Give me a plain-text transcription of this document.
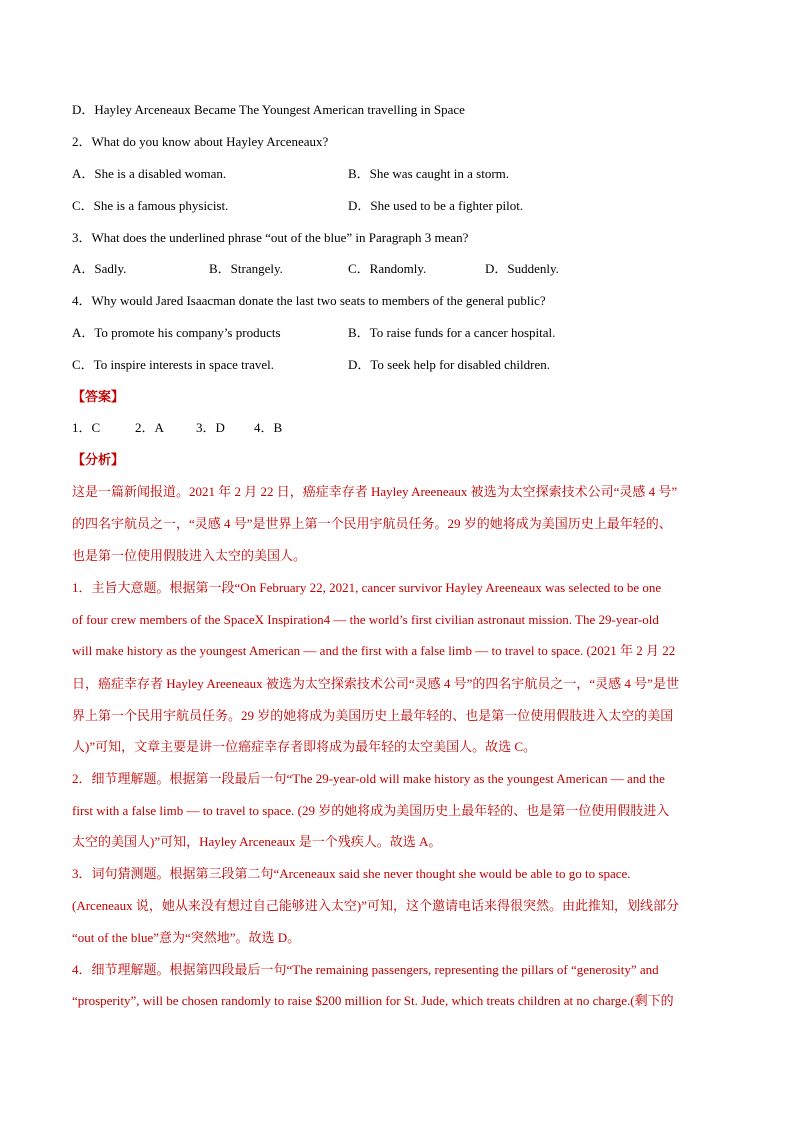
D．Hayley Arceneaux Became The Youngest American travelling in Space
2．What do you know about Hayley Arceneaux?
A．She is a disabled woman.	B．She was caught in a storm.
C．She is a famous physicist.	D．She used to be a fighter pilot.
3．What does the underlined phrase “out of the blue” in Paragraph 3 mean?
A．Sadly.	B．Strangely.	C．Randomly.	D．Suddenly.
4．Why would Jared Isaacman donate the last two seats to members of the general public?
A．To promote his company’s products	B．To raise funds for a cancer hospital.
C．To inspire interests in space travel.	D．To seek help for disabled children.
【答案】
1．C	2．A 3．D 4．B
【分析】
这是一篇新闻报道。2021 年 2 月 22 日，癌症幸存者 Hayley Areeneaux 被选为太空探索技术公司“灵感 4 号”
的四名宇航员之一，“灵感 4 号”是世界上第一个民用宇航员任务。29 岁的她将成为美国历史上最年轻的、
也是第一位使用假肢进入太空的美国人。
1．主旨大意题。根据第一段“On February 22, 2021, cancer survivor Hayley Areeneaux was selected to be one
of four crew members of the SpaceX Inspiration4 — the world’s first civilian astronaut mission. The 29-year-old
will make history as the youngest American — and the first with a false limb — to travel to space. (2021 年 2 月 22
日，癌症幸存者 Hayley Areeneaux 被选为太空探索技术公司“灵感 4 号”的四名宇航员之一，“灵感 4 号”是世
界上第一个民用宇航员任务。29 岁的她将成为美国历史上最年轻的、也是第一位使用假肢进入太空的美国
人)”可知，文章主要是讲一位癌症幸存者即将成为最年轻的太空美国人。故选 C。
2．细节理解题。根据第一段最后一句“The 29-year-old will make history as the youngest American — and the
first with a false limb — to travel to space. (29 岁的她将成为美国历史上最年轻的、也是第一位使用假肢进入
太空的美国人)”可知，Hayley Arceneaux 是一个残疾人。故选 A。
3．词句猜测题。根据第三段第二句“Arceneaux said she never thought she would be able to go to space.
(Arceneaux 说，她从来没有想过自己能够进入太空)”可知，这个邀请电话来得很突然。由此推知，划线部分
“out of the blue”意为“突然地”。故选 D。
4．细节理解题。根据第四段最后一句“The remaining passengers, representing the pillars of “generosity” and
“prosperity”, will be chosen randomly to raise $200 million for St. Jude, which treats children at no charge.(剩下的
